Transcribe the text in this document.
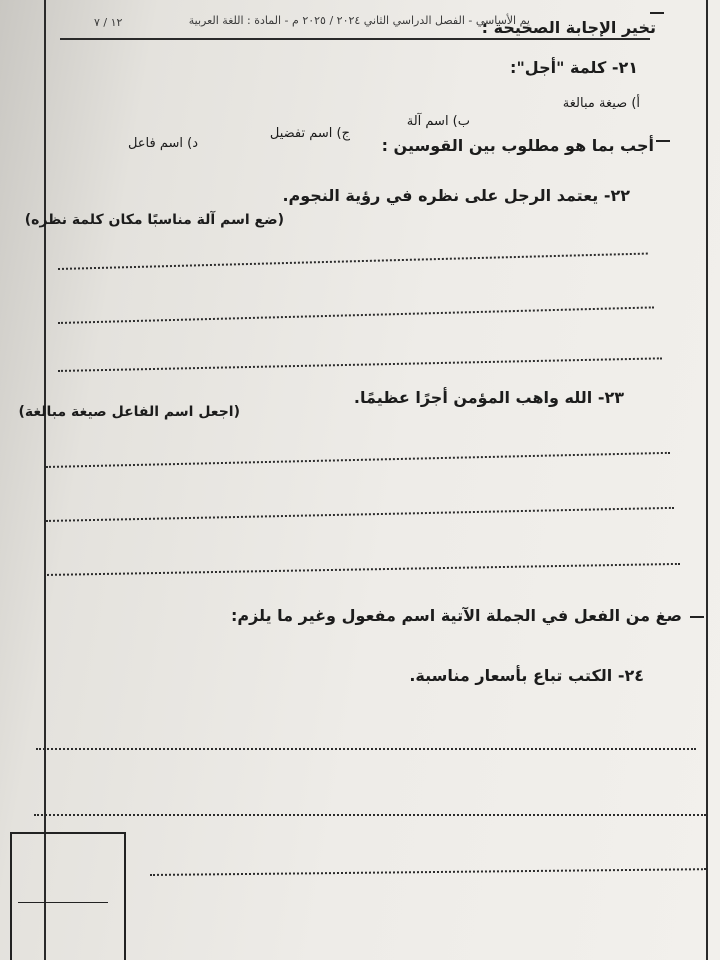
يم الأساسي - الفصل الدراسي الثاني ٢٠٢٤ / ٢٠٢٥ م - المادة : اللغة العربية
١٢ / ٧	تخير الإجابة الصحيحة :
٢١- كلمة "أجل":
أ) صيغة مبالغة
ب) اسم آلة
ج) اسم تفضيل
د) اسم فاعل	أجب بما هو مطلوب بين القوسين :
٢٢- يعتمد الرجل على نظره في رؤية النجوم.
(ضع اسم آلة مناسبًا مكان كلمة نظره)
٢٣- الله واهب المؤمن أجرًا عظيمًا.
(اجعل اسم الفاعل صيغة مبالغة)
صغ من الفعل في الجملة الآتية اسم مفعول وغير ما يلزم:
٢٤- الكتب تباع بأسعار مناسبة.
